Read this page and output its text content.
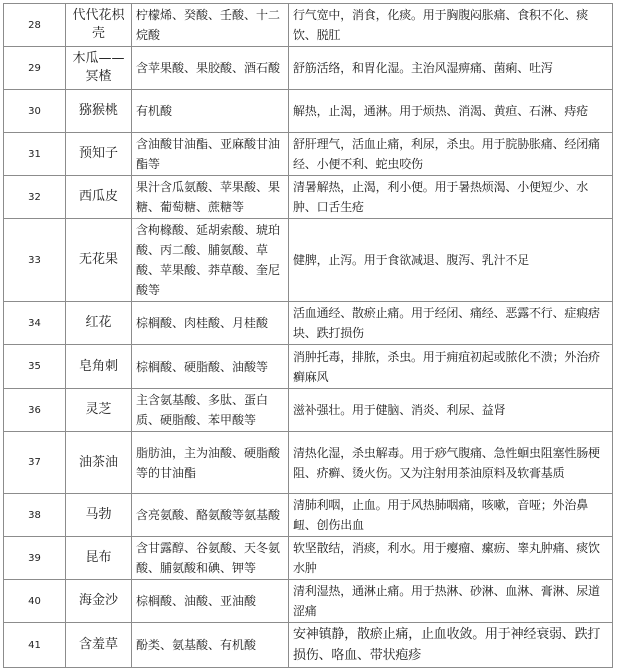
28	代代花枳壳	柠檬烯、癸酸、壬酸、十二烷酸	行气宽中，消食，化痰。用于胸腹闷胀痛、食积不化、痰饮、脱肛
29	木瓜——冥楂	含苹果酸、果胶酸、酒石酸	舒筋活络，和胃化湿。主治风湿痹痛、菌痢、吐泻
30	猕猴桃	有机酸	解热，止渴，通淋。用于烦热、消渴、黄疸、石淋、痔疮
31	预知子	含油酸甘油酯、亚麻酸甘油酯等	舒肝理气，活血止痛，利尿，杀虫。用于脘胁胀痛、经闭痛经、小便不利、蛇虫咬伤
32	西瓜皮	果汁含瓜氨酸、苹果酸、果糖、葡萄糖、蔗糖等	清暑解热，止渴，利小便。用于暑热烦渴、小便短少、水肿、口舌生疮
33	无花果	含枸橼酸、延胡索酸、琥珀酸、丙二酸、脯氨酸、草酸、苹果酸、莽草酸、奎尼酸等	健脾，止泻。用于食欲减退、腹泻、乳汁不足
34	红花	棕榈酸、肉桂酸、月桂酸	活血通经、散瘀止痛。用于经闭、痛经、恶露不行、症瘕痞块、跌打损伤
35	皂角刺	棕榈酸、硬脂酸、油酸等	消肿托毒，排脓，杀虫。用于痈疽初起或脓化不溃；外治疥癣麻风
36	灵芝	主含氨基酸、多肽、蛋白质、硬脂酸、苯甲酸等	滋补强壮。用于健脑、消炎、利尿、益肾
37	油茶油	脂肪油，主为油酸、硬脂酸等的甘油酯	清热化湿，杀虫解毒。用于痧气腹痛、急性蛔虫阻塞性肠梗阻、疥癣、烫火伤。又为注射用茶油原料及软膏基质
38	马勃	含亮氨酸、酪氨酸等氨基酸	清肺利咽，止血。用于风热肺咽痛，咳嗽，音哑；外治鼻衄、创伤出血
39	昆布	含甘露醇、谷氨酸、天冬氨酸、脯氨酸和碘、钾等	软坚散结，消痰，利水。用于瘿瘤、瘰疬、睾丸肿痛、痰饮水肿
40	海金沙	棕榈酸、油酸、亚油酸	清利湿热，通淋止痛。用于热淋、砂淋、血淋、膏淋、尿道涩痛
41	含羞草	酚类、氨基酸、有机酸	安神镇静，散瘀止痛，止血收敛。用于神经衰弱、跌打损伤、咯血、带状疱疹
